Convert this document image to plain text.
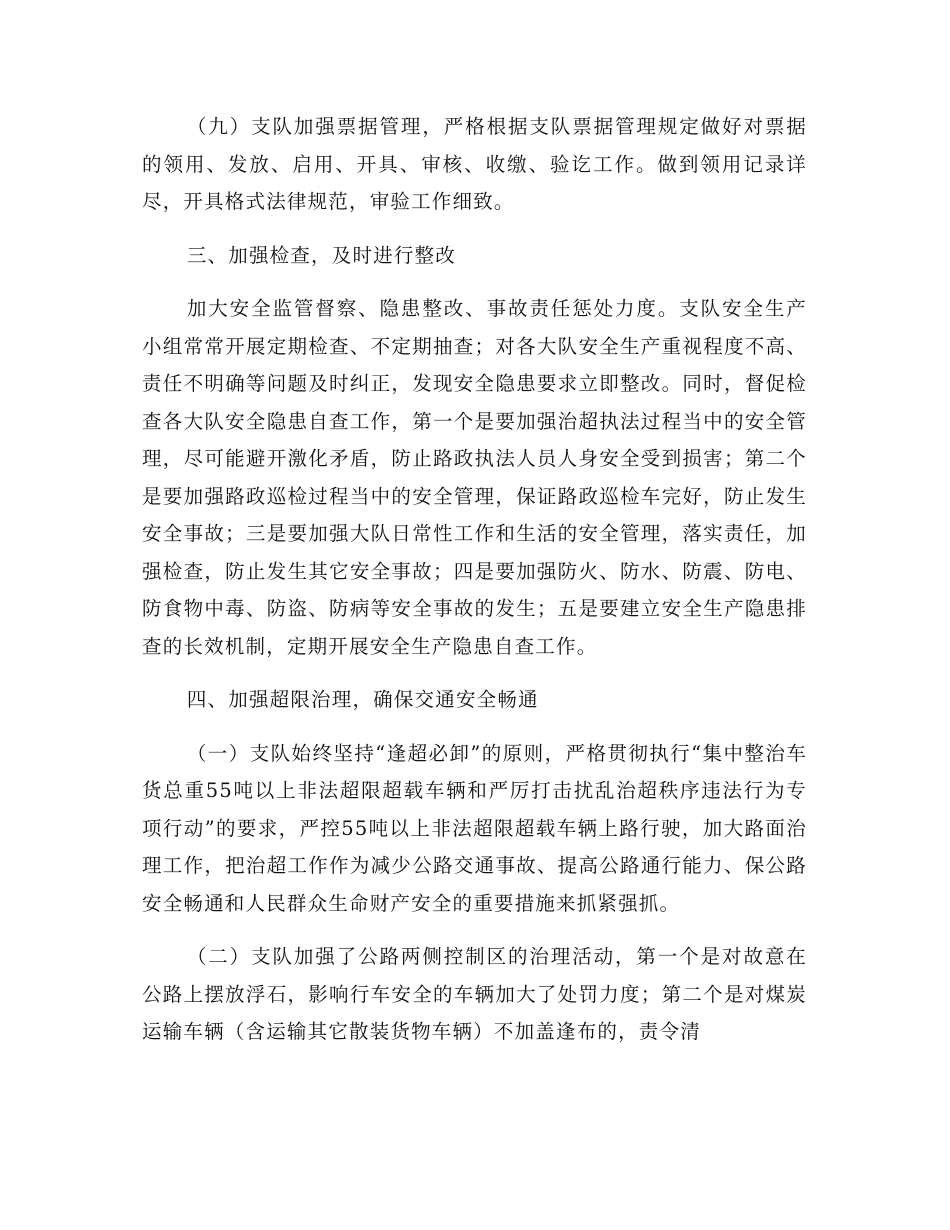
（九）支队加强票据管理，严格根据支队票据管理规定做好对票据的领用、发放、启用、开具、审核、收缴、验讫工作。做到领用记录详尽，开具格式法律规范，审验工作细致。

三、加强检查，及时进行整改

加大安全监管督察、隐患整改、事故责任惩处力度。支队安全生产小组常常开展定期检查、不定期抽查；对各大队安全生产重视程度不高、责任不明确等问题及时纠正，发现安全隐患要求立即整改。同时，督促检查各大队安全隐患自查工作，第一个是要加强治超执法过程当中的安全管理，尽可能避开激化矛盾，防止路政执法人员人身安全受到损害；第二个是要加强路政巡检过程当中的安全管理，保证路政巡检车完好，防止发生安全事故；三是要加强大队日常性工作和生活的安全管理，落实责任，加强检查，防止发生其它安全事故；四是要加强防火、防水、防震、防电、防食物中毒、防盗、防病等安全事故的发生；五是要建立安全生产隐患排查的长效机制，定期开展安全生产隐患自查工作。

四、加强超限治理，确保交通安全畅通

（一）支队始终坚持“逢超必卸”的原则，严格贯彻执行“集中整治车货总重55吨以上非法超限超载车辆和严厉打击扰乱治超秩序违法行为专项行动”的要求，严控55吨以上非法超限超载车辆上路行驶，加大路面治理工作，把治超工作作为减少公路交通事故、提高公路通行能力、保公路安全畅通和人民群众生命财产安全的重要措施来抓紧强抓。

（二）支队加强了公路两侧控制区的治理活动，第一个是对故意在公路上摆放浮石，影响行车安全的车辆加大了处罚力度；第二个是对煤炭运输车辆（含运输其它散装货物车辆）不加盖逢布的，责令清
